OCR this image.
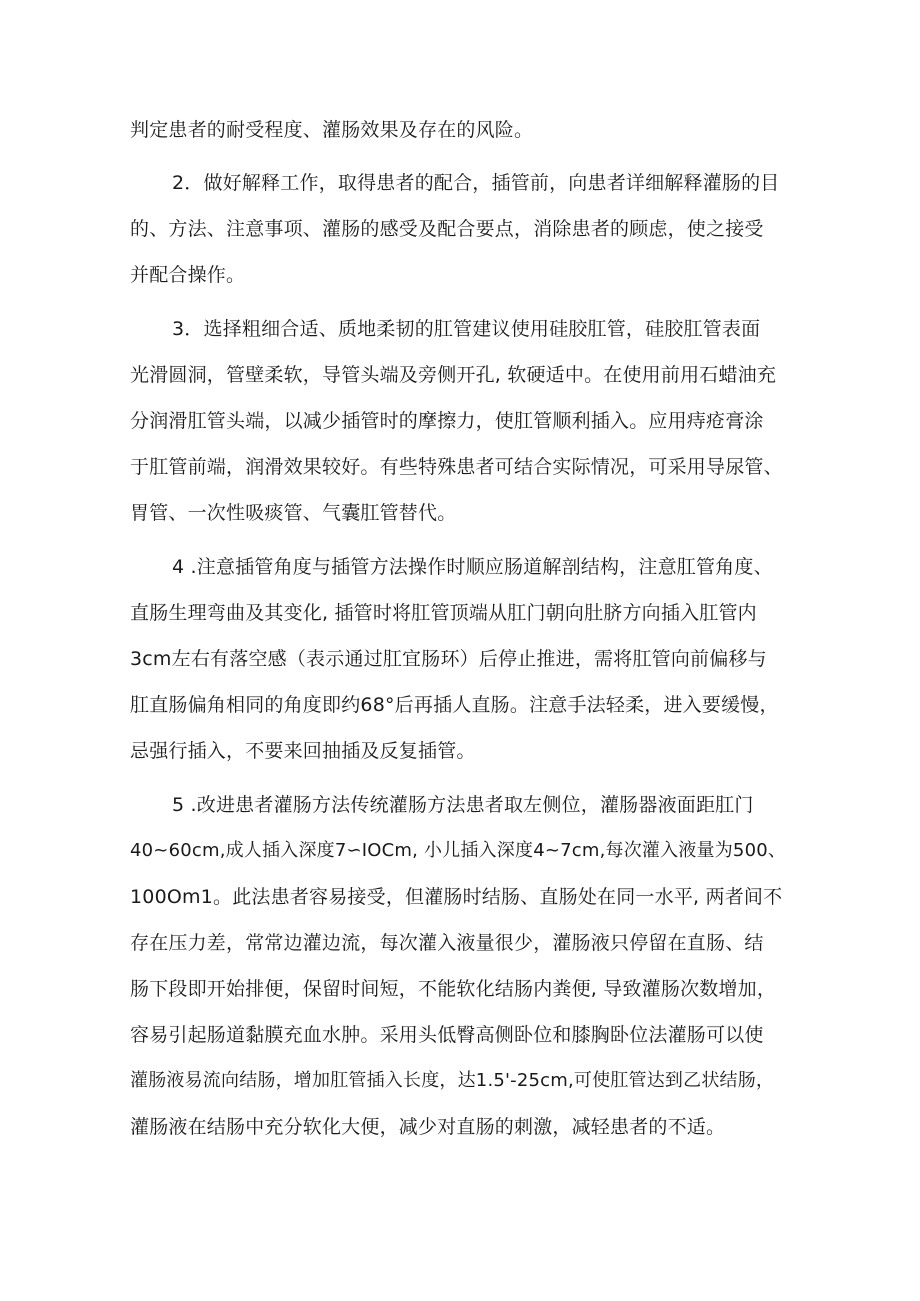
判定患者的耐受程度、灌肠效果及存在的风险。
2．做好解释工作，取得患者的配合，插管前，向患者详细解释灌肠的目
的、方法、注意事项、灌肠的感受及配合要点，消除患者的顾虑，使之接受
并配合操作。
3．选择粗细合适、质地柔韧的肛管建议使用硅胶肛管，硅胶肛管表面
光滑圆洞，管壁柔软，导管头端及旁侧开孔, 软硬适中。在使用前用石蜡油充
分润滑肛管头端，以减少插管时的摩擦力，使肛管顺利插入。应用痔疮膏涂
于肛管前端，润滑效果较好。有些特殊患者可结合实际情况，可采用导尿管、
胃管、一次性吸痰管、气囊肛管替代。
4 .注意插管角度与插管方法操作时顺应肠道解剖结构，注意肛管角度、
直肠生理弯曲及其变化, 插管时将肛管顶端从肛门朝向肚脐方向插入肛管内
3cm左右有落空感（表示通过肛宜肠环）后停止推进，需将肛管向前偏移与
肛直肠偏角相同的角度即约68°后再插人直肠。注意手法轻柔，进入要缓慢，
忌强行插入，不要来回抽插及反复插管。
5 .改进患者灌肠方法传统灌肠方法患者取左侧位，灌肠器液面距肛门
40~60cm,成人插入深度7∽IOCm, 小儿插入深度4~7cm,每次灌入液量为500、
100Om1。此法患者容易接受，但灌肠时结肠、直肠处在同一水平, 两者间不
存在压力差，常常边灌边流，每次灌入液量很少，灌肠液只停留在直肠、结
肠下段即开始排便，保留时间短，不能软化结肠内粪便, 导致灌肠次数增加，
容易引起肠道黏膜充血水肿。采用头低臀高侧卧位和膝胸卧位法灌肠可以使
灌肠液易流向结肠，增加肛管插入长度，达1.5'-25cm,可使肛管达到乙状结肠，
灌肠液在结肠中充分软化大便，减少对直肠的刺激，减轻患者的不适。
